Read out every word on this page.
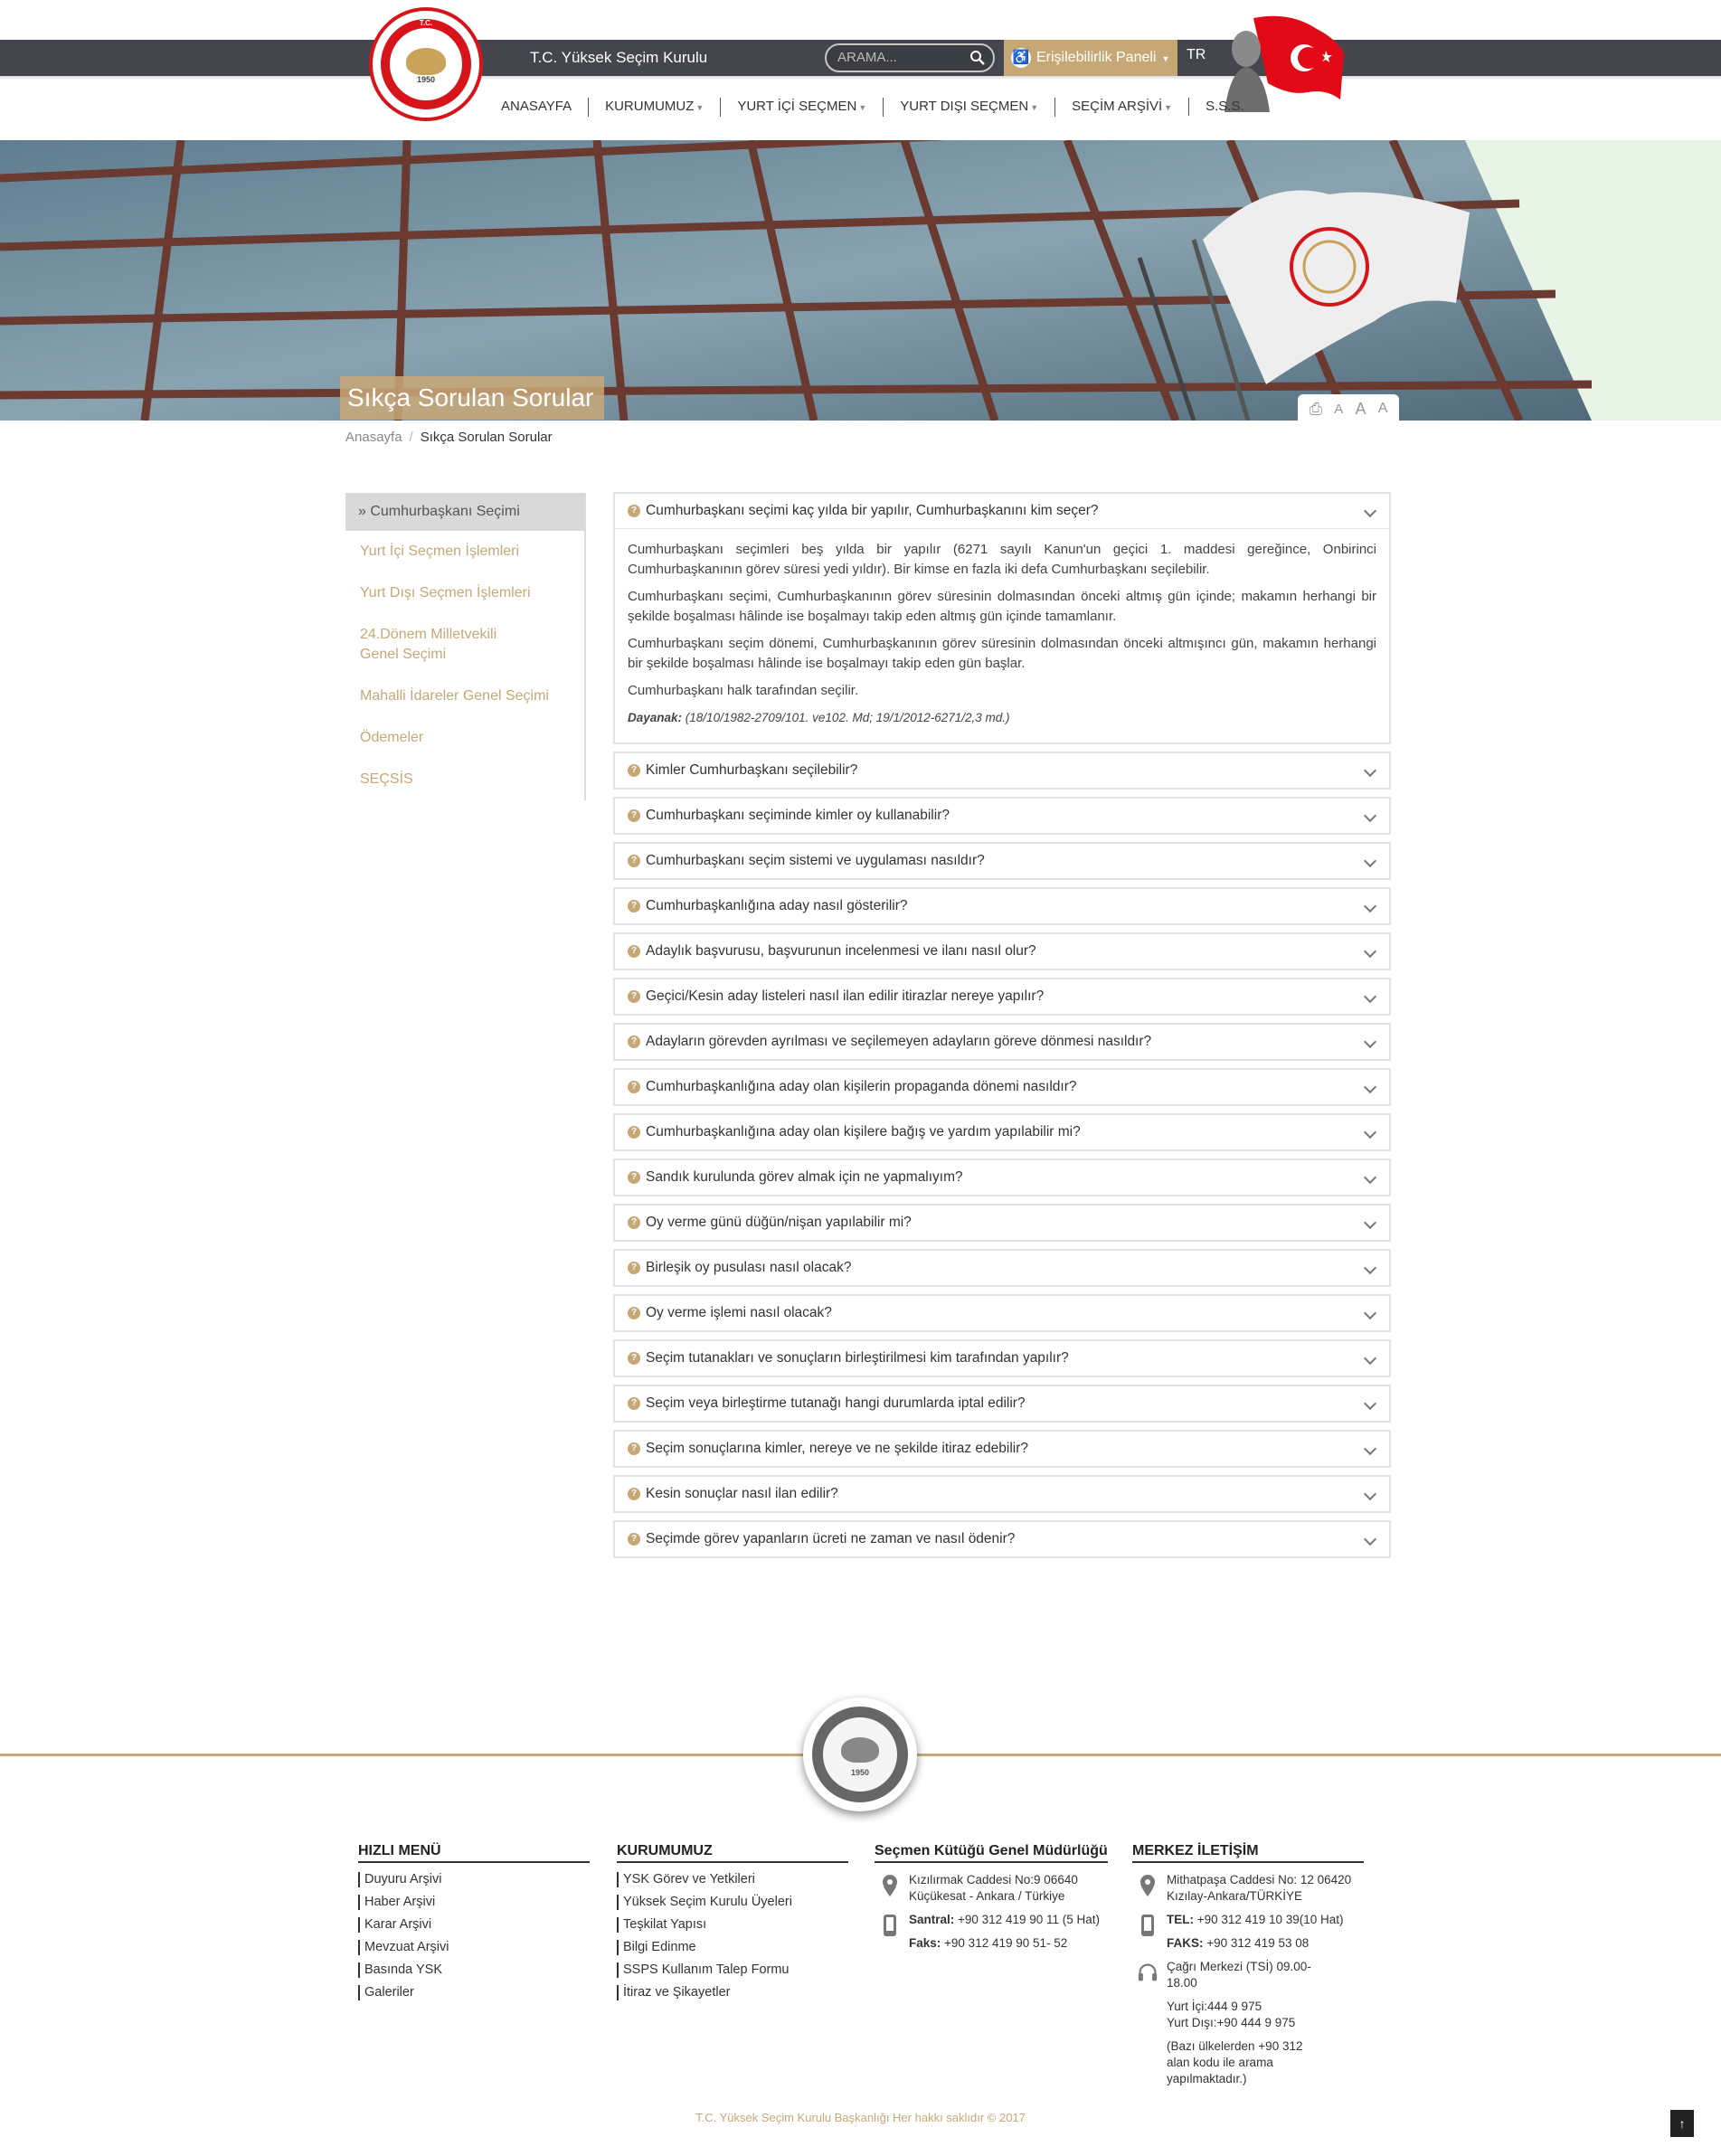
T.C.
1950
T.C. Yüksek Seçim Kurulu	ARAMA...	Erişilebilirlik Paneli ▼
♿	TR
ANASAYFA	KURUMUMUZ ▼	YURT İÇİ SEÇMEN ▼	YURT DIŞI SEÇMEN ▼	SEÇİM ARŞİVİ ▼	S.S.S.
Sıkça Sorulan Sorular	⎙ A A A
Anasayfa / Sıkça Sorulan Sorular
» Cumhurbaşkanı Seçimi
Yurt İçi Seçmen İşlemleri
Yurt Dışı Seçmen İşlemleri
24.Dönem Milletvekili Genel Seçimi
Mahalli İdareler Genel Seçimi
Ödemeler
SEÇSİS
? Cumhurbaşkanı seçimi kaç yılda bir yapılır, Cumhurbaşkanını kim seçer?

Cumhurbaşkanı seçimleri beş yılda bir yapılır (6271 sayılı Kanun'un geçici 1. maddesi gereğince, Onbirinci Cumhurbaşkanının görev süresi yedi yıldır). Bir kimse en fazla iki defa Cumhurbaşkanı seçilebilir.

Cumhurbaşkanı seçimi, Cumhurbaşkanının görev süresinin dolmasından önceki altmış gün içinde; makamın herhangi bir şekilde boşalması hâlinde ise boşalmayı takip eden altmış gün içinde tamamlanır.

Cumhurbaşkanı seçim dönemi, Cumhurbaşkanının görev süresinin dolmasından önceki altmışıncı gün, makamın herhangi bir şekilde boşalması hâlinde ise boşalmayı takip eden gün başlar.

Cumhurbaşkanı halk tarafından seçilir.

Dayanak: (18/10/1982-2709/101. ve102. Md; 19/1/2012-6271/2,3 md.)
? Kimler Cumhurbaşkanı seçilebilir?
? Cumhurbaşkanı seçiminde kimler oy kullanabilir?
? Cumhurbaşkanı seçim sistemi ve uygulaması nasıldır?
? Cumhurbaşkanlığına aday nasıl gösterilir?
? Adaylık başvurusu, başvurunun incelenmesi ve ilanı nasıl olur?
? Geçici/Kesin aday listeleri nasıl ilan edilir itirazlar nereye yapılır?
? Adayların görevden ayrılması ve seçilemeyen adayların göreve dönmesi nasıldır?
? Cumhurbaşkanlığına aday olan kişilerin propaganda dönemi nasıldır?
? Cumhurbaşkanlığına aday olan kişilere bağış ve yardım yapılabilir mi?
? Sandık kurulunda görev almak için ne yapmalıyım?
? Oy verme günü düğün/nişan yapılabilir mi?
? Birleşik oy pusulası nasıl olacak?
? Oy verme işlemi nasıl olacak?
? Seçim tutanakları ve sonuçların birleştirilmesi kim tarafından yapılır?
? Seçim veya birleştirme tutanağı hangi durumlarda iptal edilir?
? Seçim sonuçlarına kimler, nereye ve ne şekilde itiraz edebilir?
? Kesin sonuçlar nasıl ilan edilir?
? Seçimde görev yapanların ücreti ne zaman ve nasıl ödenir?
1950
HIZLI MENÜ
Duyuru Arşivi
Haber Arşivi
Karar Arşivi
Mevzuat Arşivi
Basında YSK
Galeriler
KURUMUMUZ
YSK Görev ve Yetkileri
Yüksek Seçim Kurulu Üyeleri
Teşkilat Yapısı
Bilgi Edinme
SSPS Kullanım Talep Formu
İtiraz ve Şikayetler
Seçmen Kütüğü Genel Müdürlüğü
Kızılırmak Caddesi No:9 06640 Küçükesat - Ankara / Türkiye
Santral: +90 312 419 90 11 (5 Hat)
Faks: +90 312 419 90 51- 52
MERKEZ İLETİŞİM
Mithatpaşa Caddesi No: 12 06420 Kızılay-Ankara/TÜRKİYE
TEL: +90 312 419 10 39(10 Hat)
FAKS: +90 312 419 53 08
Çağrı Merkezi (TSİ) 09.00-18.00
Yurt İçi:444 9 975
Yurt Dışı:+90 444 9 975
(Bazı ülkelerden +90 312 alan kodu ile arama yapılmaktadır.)
T.C. Yüksek Seçim Kurulu Başkanlığı Her hakkı saklıdır © 2017	↑
